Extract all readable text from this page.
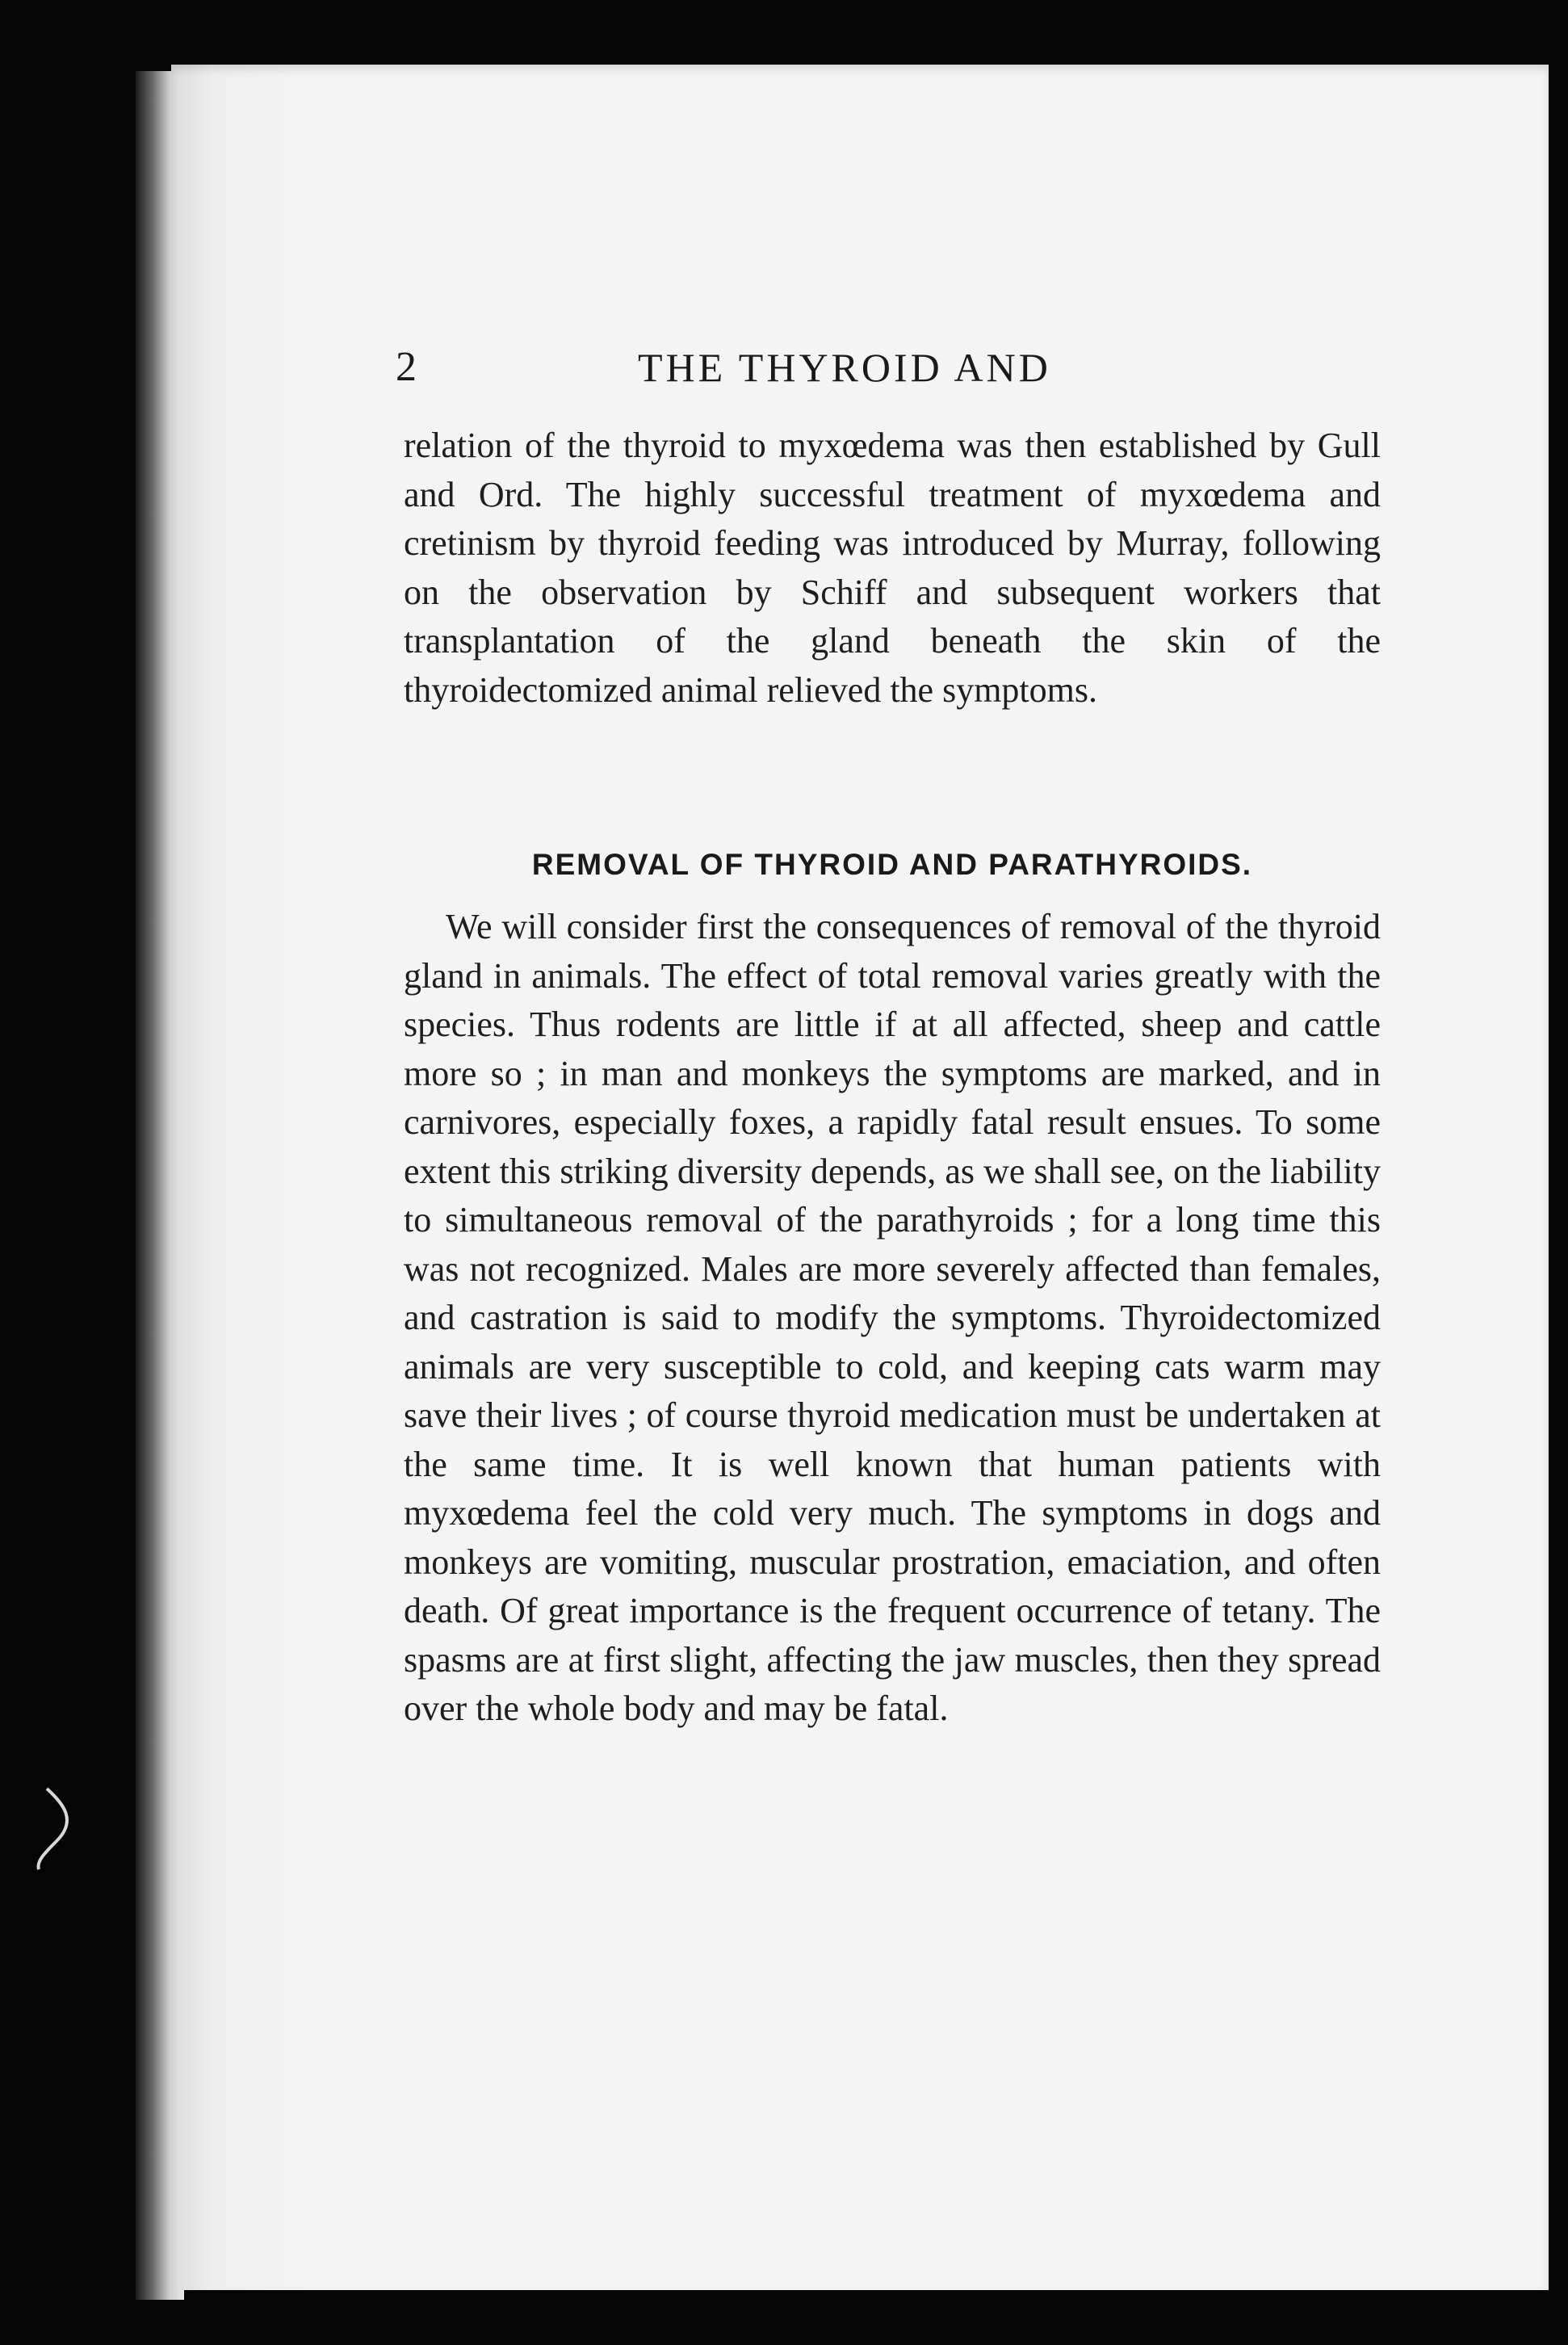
2	THE THYROID AND
relation of the thyroid to myxœdema was then established by Gull and Ord. The highly successful treatment of myxœdema and cretinism by thyroid feeding was introduced by Murray, following on the observation by Schiff and subsequent workers that transplantation of the gland beneath the skin of the thyroidectomized animal relieved the symptoms.
REMOVAL OF THYROID AND PARATHYROIDS.
We will consider first the consequences of removal of the thyroid gland in animals. The effect of total removal varies greatly with the species. Thus rodents are little if at all affected, sheep and cattle more so ; in man and monkeys the symptoms are marked, and in carnivores, especially foxes, a rapidly fatal result ensues. To some extent this striking diversity depends, as we shall see, on the liability to simultaneous removal of the parathyroids ; for a long time this was not recognized. Males are more severely affected than females, and castration is said to modify the symptoms. Thyroidectomized animals are very susceptible to cold, and keeping cats warm may save their lives ; of course thyroid medication must be undertaken at the same time. It is well known that human patients with myxœdema feel the cold very much. The symptoms in dogs and monkeys are vomiting, muscular prostration, emaciation, and often death. Of great importance is the frequent occurrence of tetany. The spasms are at first slight, affecting the jaw muscles, then they spread over the whole body and may be fatal.
